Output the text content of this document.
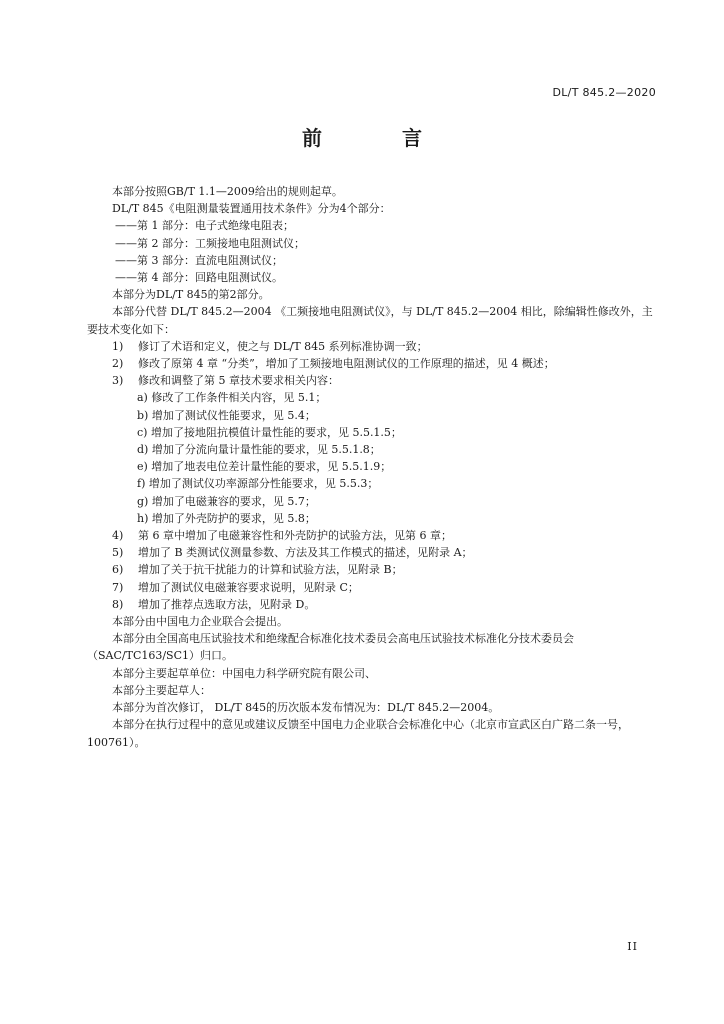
DL/T 845.2—2020
前　言

本部分按照GB/T 1.1—2009给出的规则起草。

DL/T 845《电阻测量装置通用技术条件》分为4个部分：

——第 1 部分：电子式绝缘电阻表；

——第 2 部分：工频接地电阻测试仪；

——第 3 部分：直流电阻测试仪；

——第 4 部分：回路电阻测试仪。

本部分为DL/T 845的第2部分。

本部分代替 DL/T 845.2—2004 《工频接地电阻测试仪》，与 DL/T 845.2—2004 相比，除编辑性修改外，主要技术变化如下：

1) 修订了术语和定义，使之与 DL/T 845 系列标准协调一致；

2) 修改了原第 4 章 “分类”，增加了工频接地电阻测试仪的工作原理的描述，见 4 概述；

3) 修改和调整了第 5 章技术要求相关内容：

a) 修改了工作条件相关内容，见 5.1；

b) 增加了测试仪性能要求，见 5.4；

c) 增加了接地阻抗模值计量性能的要求，见 5.5.1.5；

d) 增加了分流向量计量性能的要求，见 5.5.1.8；

e) 增加了地表电位差计量性能的要求，见 5.5.1.9；

f) 增加了测试仪功率源部分性能要求，见 5.5.3；

g) 增加了电磁兼容的要求，见 5.7；

h) 增加了外壳防护的要求，见 5.8；

4) 第 6 章中增加了电磁兼容性和外壳防护的试验方法，见第 6 章；

5) 增加了 B 类测试仪测量参数、方法及其工作模式的描述，见附录 A；

6) 增加了关于抗干扰能力的计算和试验方法，见附录 B；

7) 增加了测试仪电磁兼容要求说明，见附录 C；

8) 增加了推荐点选取方法，见附录 D。

本部分由中国电力企业联合会提出。

本部分由全国高电压试验技术和绝缘配合标准化技术委员会高电压试验技术标准化分技术委员会（SAC/TC163/SC1）归口。

本部分主要起草单位：中国电力科学研究院有限公司、

本部分主要起草人：

本部分为首次修订， DL/T 845的历次版本发布情况为：DL/T 845.2—2004。

本部分在执行过程中的意见或建议反馈至中国电力企业联合会标准化中心（北京市宣武区白广路二条一号，100761）。

II
